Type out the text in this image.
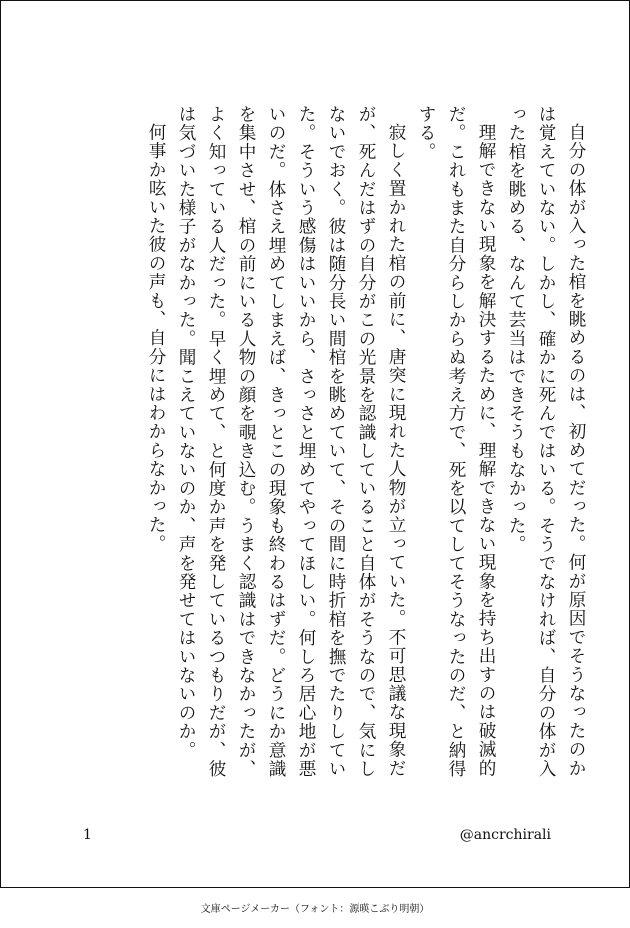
自分の体が入った棺を眺めるのは、初めてだった。何が原因でそうなったのかは覚えていない。しかし、確かに死んではいる。そうでなければ、自分の体が入った棺を眺める、なんて芸当はできそうもなかった。

理解できない現象を解決するために、理解できない現象を持ち出すのは破滅的だ。これもまた自分らしからぬ考え方で、死を以てしてそうなったのだ、と納得する。

寂しく置かれた棺の前に、唐突に現れた人物が立っていた。不可思議な現象だが、死んだはずの自分がこの光景を認識していること自体がそうなので、気にしないでおく。彼は随分長い間棺を眺めていて、その間に時折棺を撫でたりしていた。そういう感傷はいいから、さっさと埋めてやってほしい。何しろ居心地が悪いのだ。体さえ埋めてしまえば、きっとこの現象も終わるはずだ。どうにか意識を集中させ、棺の前にいる人物の顔を覗き込む。うまく認識はできなかったが、よく知っている人だった。早く埋めて、と何度か声を発しているつもりだが、彼は気づいた様子がなかった。聞こえていないのか、声を発せてはいないのか。

何事か呟いた彼の声も、自分にはわからなかった。

1	@ancrchirali
文庫ページメーカー（フォント：源暎こぶり明朝）
